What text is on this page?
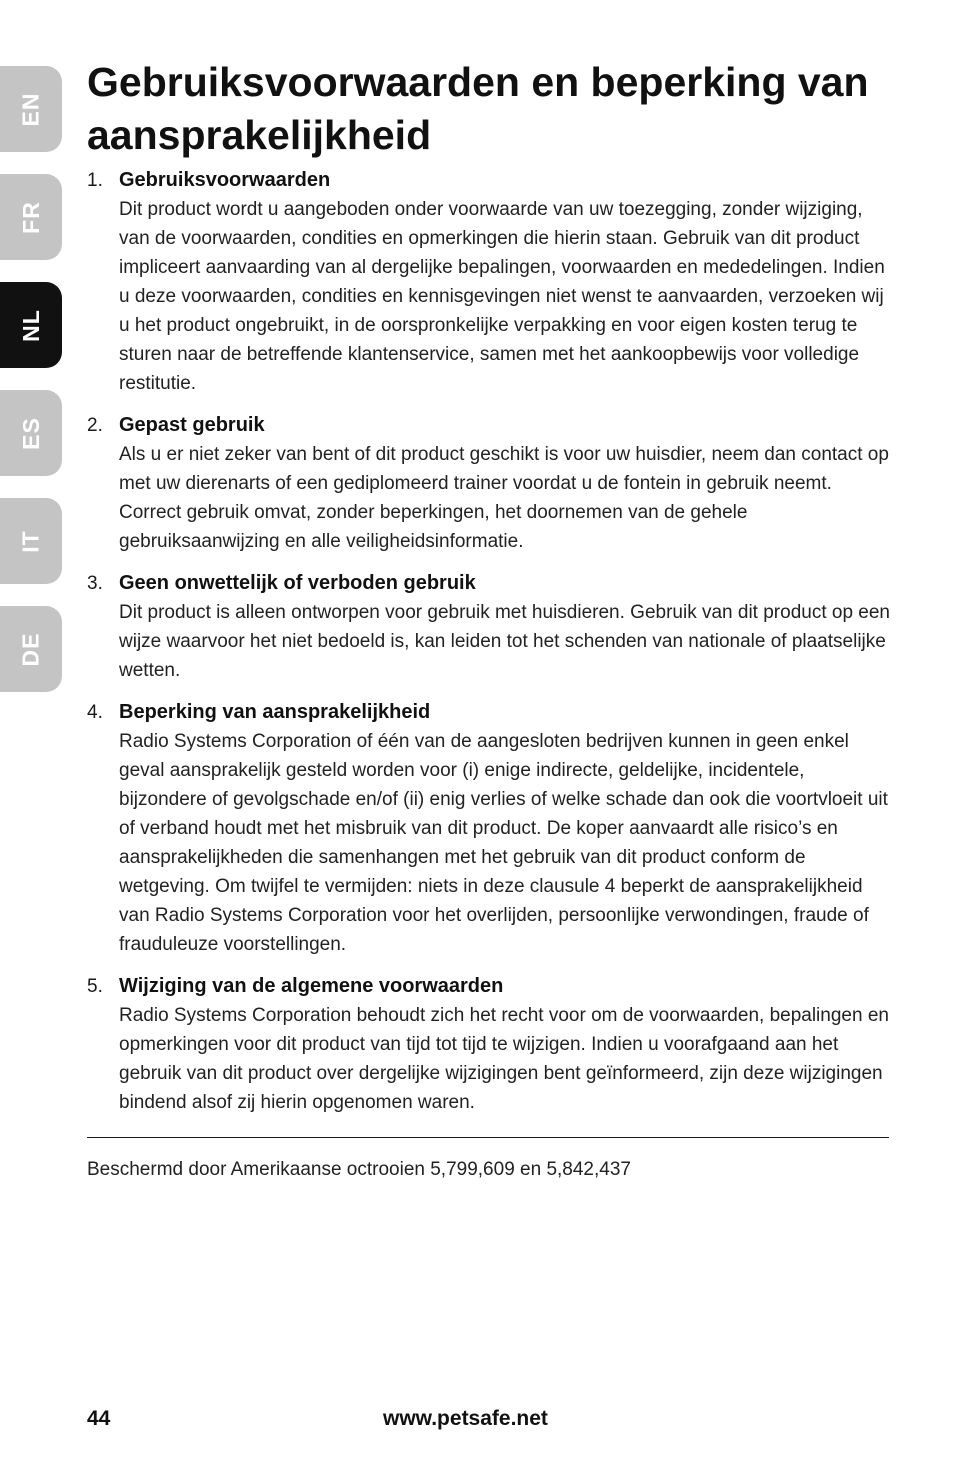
EN
FR
NL
ES
IT
DE
Gebruiksvoorwaarden en beperking van aansprakelijkheid
1. Gebruiksvoorwaarden

Dit product wordt u aangeboden onder voorwaarde van uw toezegging, zonder wijziging, van de voorwaarden, condities en opmerkingen die hierin staan. Gebruik van dit product impliceert aanvaarding van al dergelijke bepalingen, voorwaarden en mededelingen. Indien u deze voorwaarden, condities en kennisgevingen niet wenst te aanvaarden, verzoeken wij u het product ongebruikt, in de oorspronkelijke verpakking en voor eigen kosten terug te sturen naar de betreffende klantenservice, samen met het aankoopbewijs voor volledige restitutie.

2. Gepast gebruik

Als u er niet zeker van bent of dit product geschikt is voor uw huisdier, neem dan contact op met uw dierenarts of een gediplomeerd trainer voordat u de fontein in gebruik neemt. Correct gebruik omvat, zonder beperkingen, het doornemen van de gehele gebruiksaanwijzing en alle veiligheidsinformatie.

3. Geen onwettelijk of verboden gebruik

Dit product is alleen ontworpen voor gebruik met huisdieren. Gebruik van dit product op een wijze waarvoor het niet bedoeld is, kan leiden tot het schenden van nationale of plaatselijke wetten.

4. Beperking van aansprakelijkheid

Radio Systems Corporation of één van de aangesloten bedrijven kunnen in geen enkel geval aansprakelijk gesteld worden voor (i) enige indirecte, geldelijke, incidentele, bijzondere of gevolgschade en/of (ii) enig verlies of welke schade dan ook die voortvloeit uit of verband houdt met het misbruik van dit product. De koper aanvaardt alle risico’s en aansprakelijkheden die samenhangen met het gebruik van dit product conform de wetgeving. Om twijfel te vermijden: niets in deze clausule 4 beperkt de aansprakelijkheid van Radio Systems Corporation voor het overlijden, persoonlijke verwondingen, fraude of frauduleuze voorstellingen.

5. Wijziging van de algemene voorwaarden

Radio Systems Corporation behoudt zich het recht voor om de voorwaarden, bepalingen en opmerkingen voor dit product van tijd tot tijd te wijzigen. Indien u voorafgaand aan het gebruik van dit product over dergelijke wijzigingen bent geïnformeerd, zijn deze wijzigingen bindend alsof zij hierin opgenomen waren.

Beschermd door Amerikaanse octrooien 5,799,609 en 5,842,437
44	www.petsafe.net
